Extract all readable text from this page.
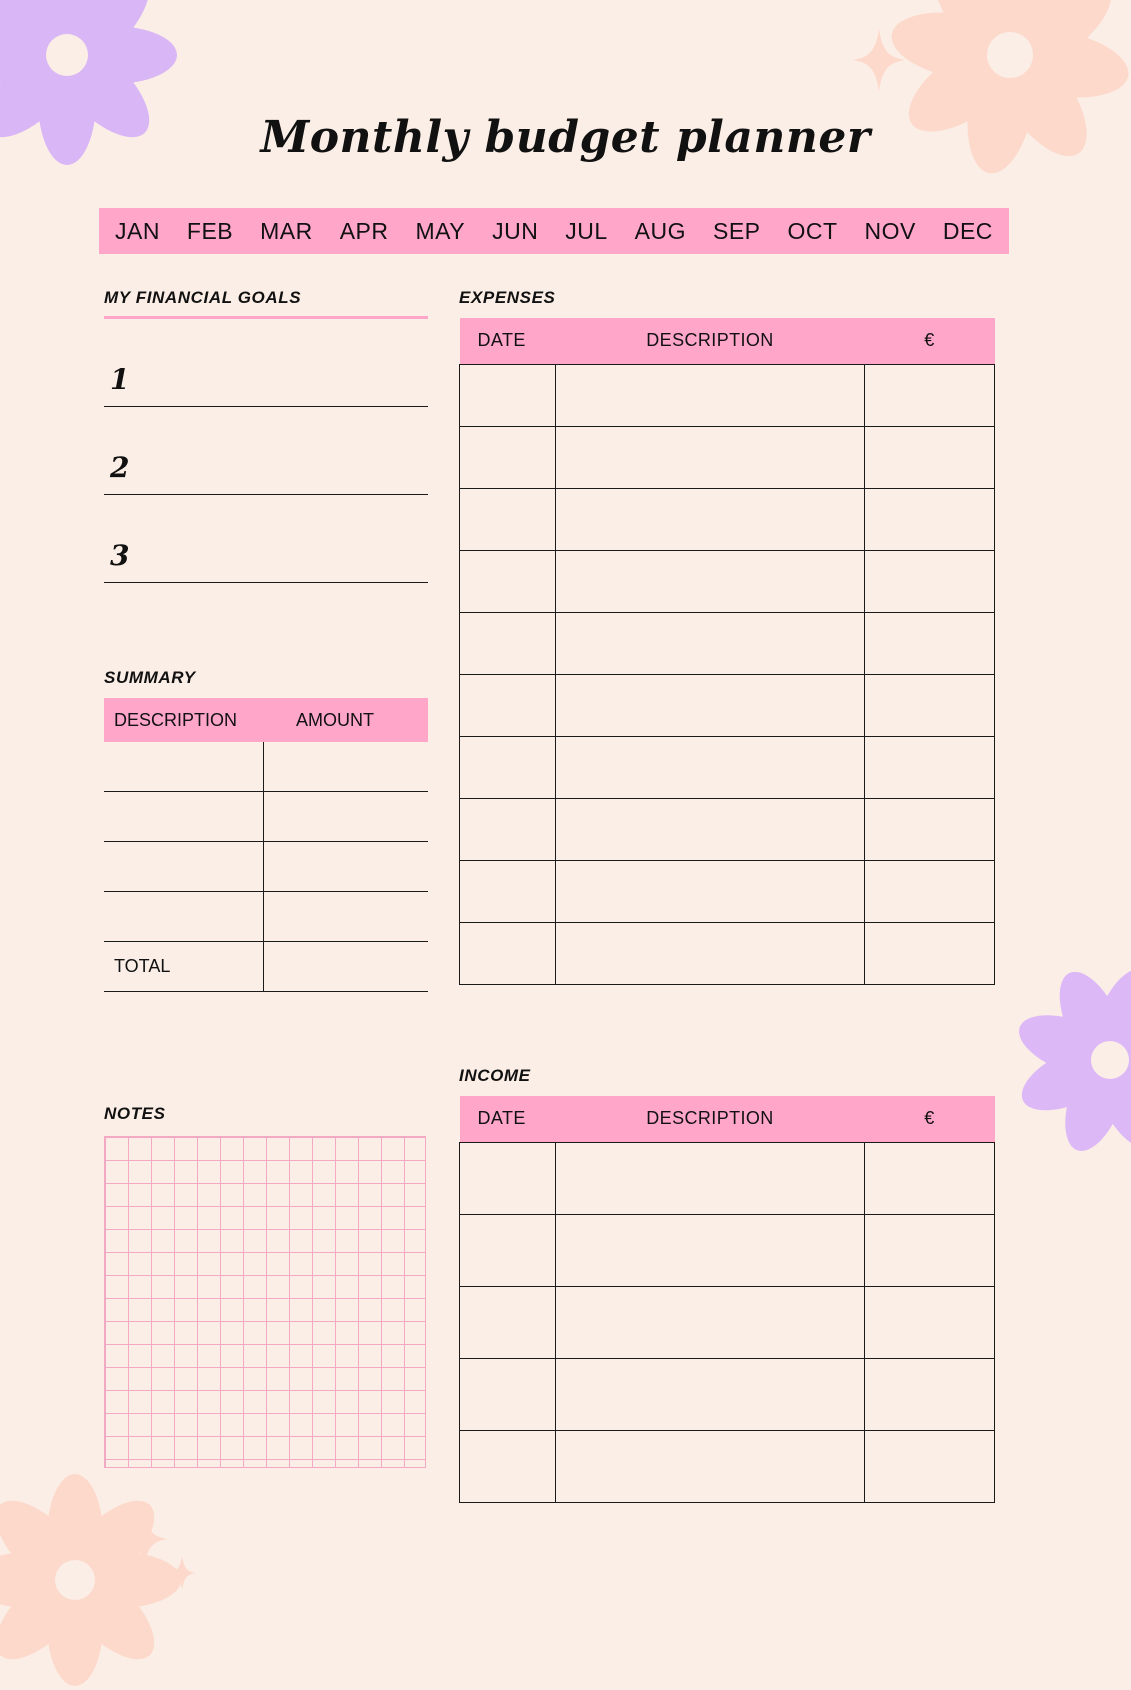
Monthly budget planner
JAN FEB MAR APR MAY JUN JUL AUG SEP OCT NOV DEC
MY FINANCIAL GOALS
1
2
3
SUMMARY
DESCRIPTION	AMOUNT
TOTAL
NOTES
EXPENSES
DATE	DESCRIPTION	€

INCOME
DATE	DESCRIPTION	€
